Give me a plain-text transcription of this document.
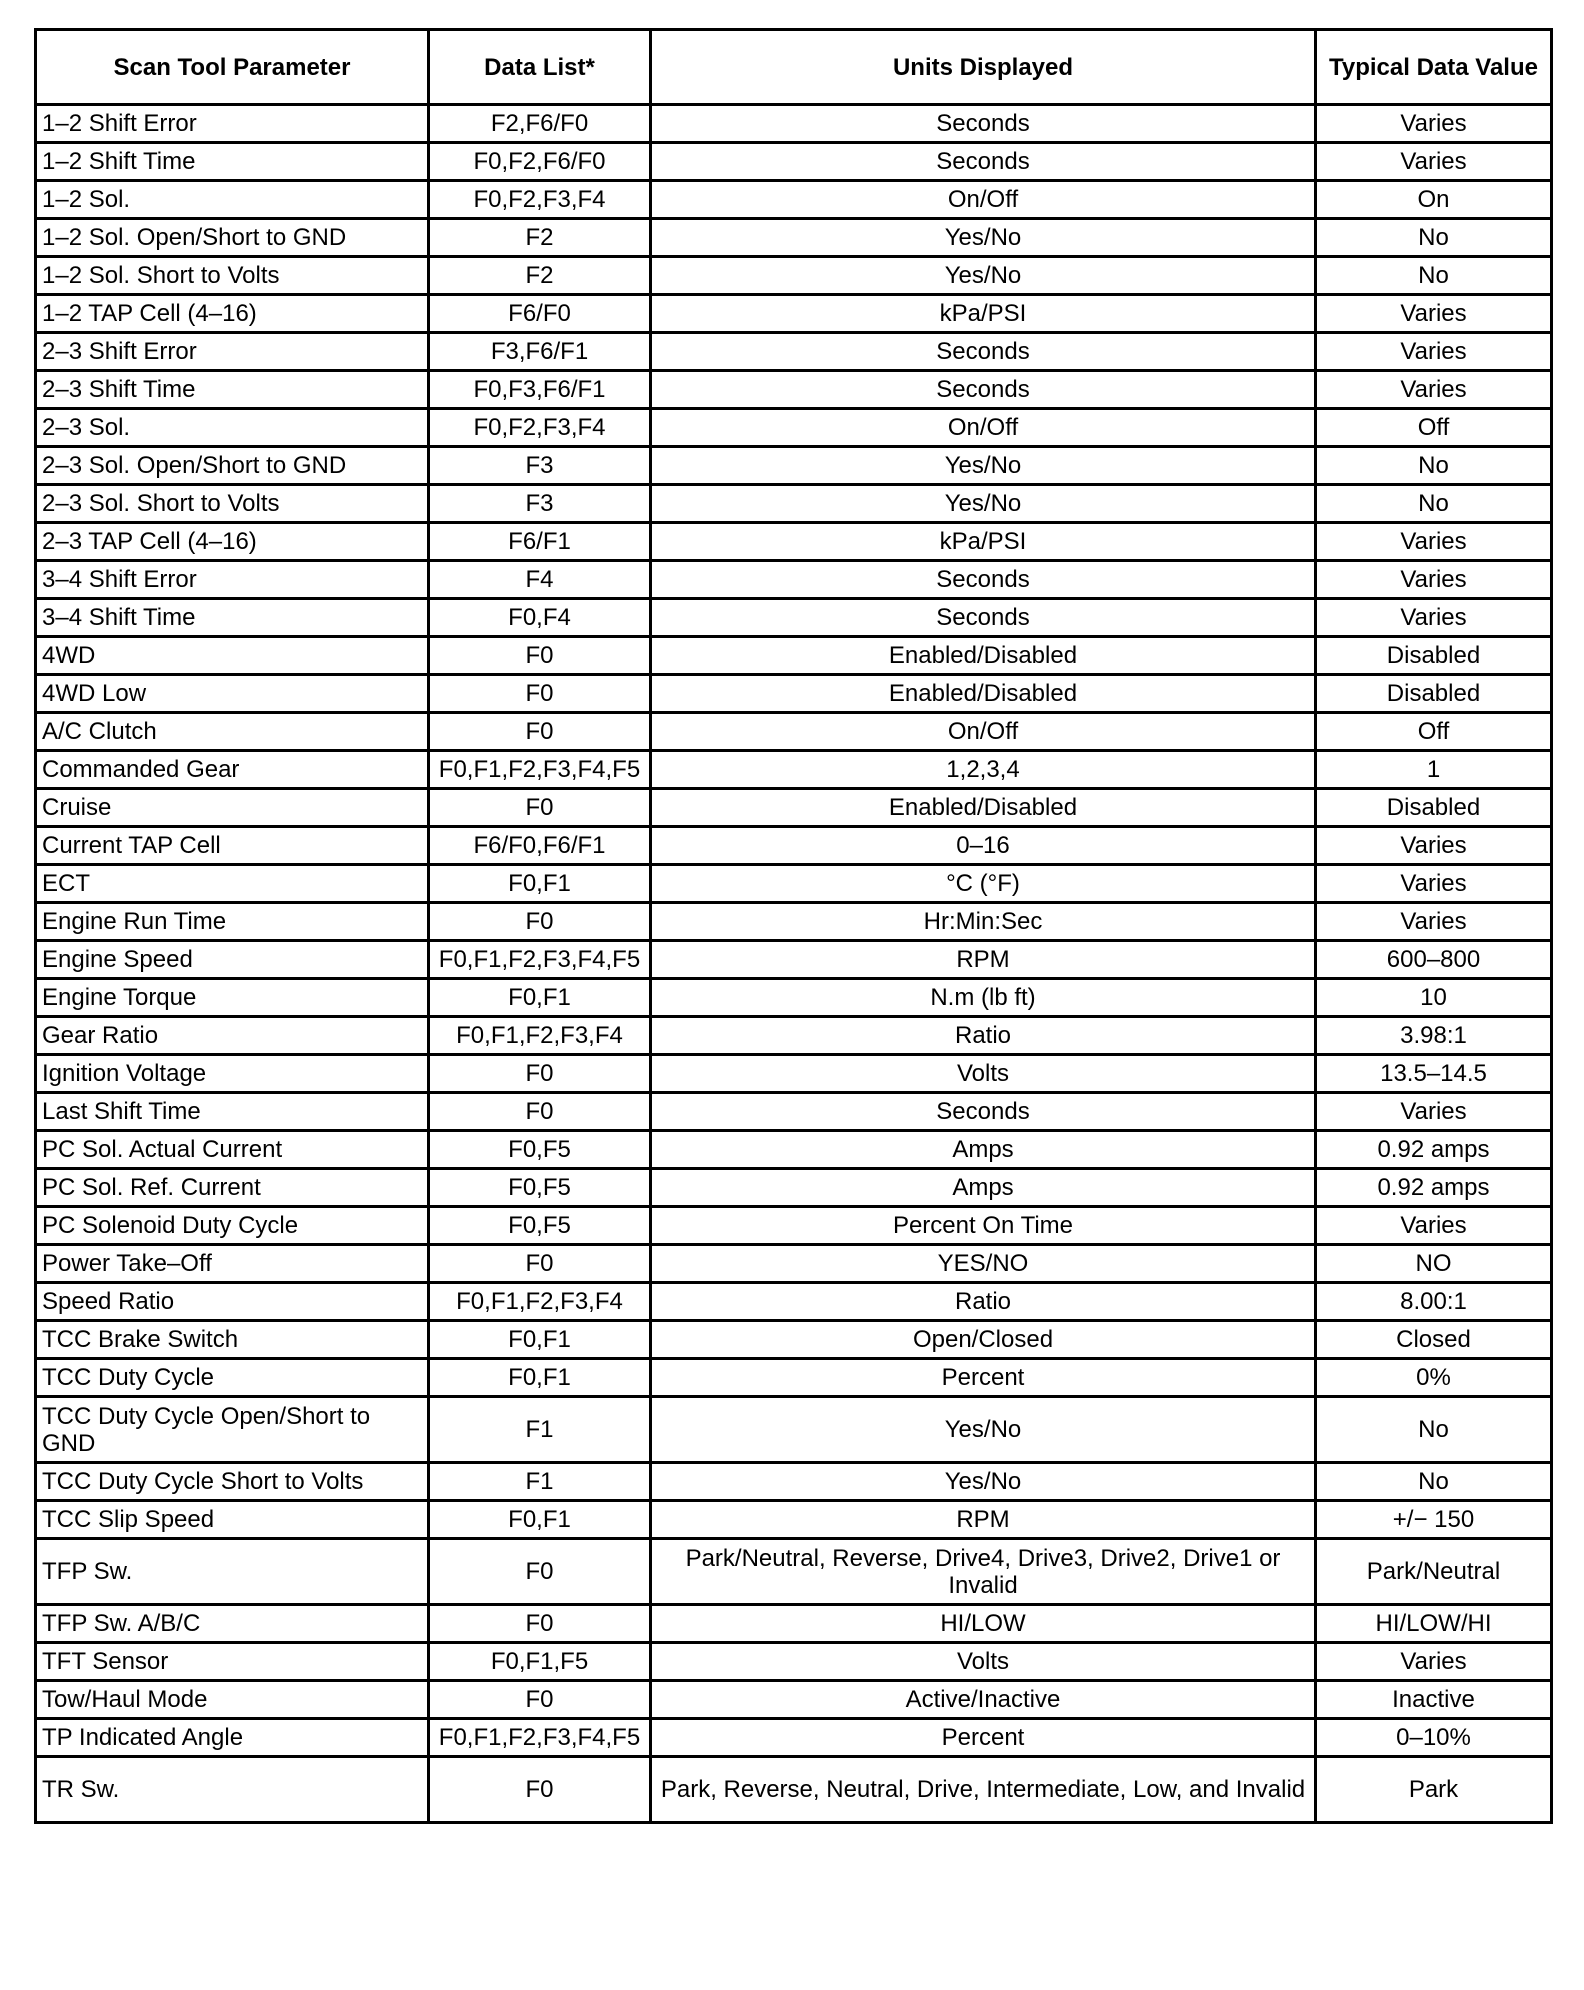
Scan Tool Parameter	Data List*	Units Displayed	Typical Data Value
1–2 Shift Error	F2,F6/F0	Seconds	Varies
1–2 Shift Time	F0,F2,F6/F0	Seconds	Varies
1–2 Sol.	F0,F2,F3,F4	On/Off	On
1–2 Sol. Open/Short to GND	F2	Yes/No	No
1–2 Sol. Short to Volts	F2	Yes/No	No
1–2 TAP Cell (4–16)	F6/F0	kPa/PSI	Varies
2–3 Shift Error	F3,F6/F1	Seconds	Varies
2–3 Shift Time	F0,F3,F6/F1	Seconds	Varies
2–3 Sol.	F0,F2,F3,F4	On/Off	Off
2–3 Sol. Open/Short to GND	F3	Yes/No	No
2–3 Sol. Short to Volts	F3	Yes/No	No
2–3 TAP Cell (4–16)	F6/F1	kPa/PSI	Varies
3–4 Shift Error	F4	Seconds	Varies
3–4 Shift Time	F0,F4	Seconds	Varies
4WD	F0	Enabled/Disabled	Disabled
4WD Low	F0	Enabled/Disabled	Disabled
A/C Clutch	F0	On/Off	Off
Commanded Gear	F0,F1,F2,F3,F4,F5	1,2,3,4	1
Cruise	F0	Enabled/Disabled	Disabled
Current TAP Cell	F6/F0,F6/F1	0–16	Varies
ECT	F0,F1	°C (°F)	Varies
Engine Run Time	F0	Hr:Min:Sec	Varies
Engine Speed	F0,F1,F2,F3,F4,F5	RPM	600–800
Engine Torque	F0,F1	N.m (lb ft)	10
Gear Ratio	F0,F1,F2,F3,F4	Ratio	3.98:1
Ignition Voltage	F0	Volts	13.5–14.5
Last Shift Time	F0	Seconds	Varies
PC Sol. Actual Current	F0,F5	Amps	0.92 amps
PC Sol. Ref. Current	F0,F5	Amps	0.92 amps
PC Solenoid Duty Cycle	F0,F5	Percent On Time	Varies
Power Take–Off	F0	YES/NO	NO
Speed Ratio	F0,F1,F2,F3,F4	Ratio	8.00:1
TCC Brake Switch	F0,F1	Open/Closed	Closed
TCC Duty Cycle	F0,F1	Percent	0%
TCC Duty Cycle Open/Short to GND	F1	Yes/No	No
TCC Duty Cycle Short to Volts	F1	Yes/No	No
TCC Slip Speed	F0,F1	RPM	+/− 150
TFP Sw.	F0	Park/Neutral, Reverse, Drive4, Drive3, Drive2, Drive1 or Invalid	Park/Neutral
TFP Sw. A/B/C	F0	HI/LOW	HI/LOW/HI
TFT Sensor	F0,F1,F5	Volts	Varies
Tow/Haul Mode	F0	Active/Inactive	Inactive
TP Indicated Angle	F0,F1,F2,F3,F4,F5	Percent	0–10%
TR Sw.	F0	Park, Reverse, Neutral, Drive, Intermediate, Low, and Invalid	Park
